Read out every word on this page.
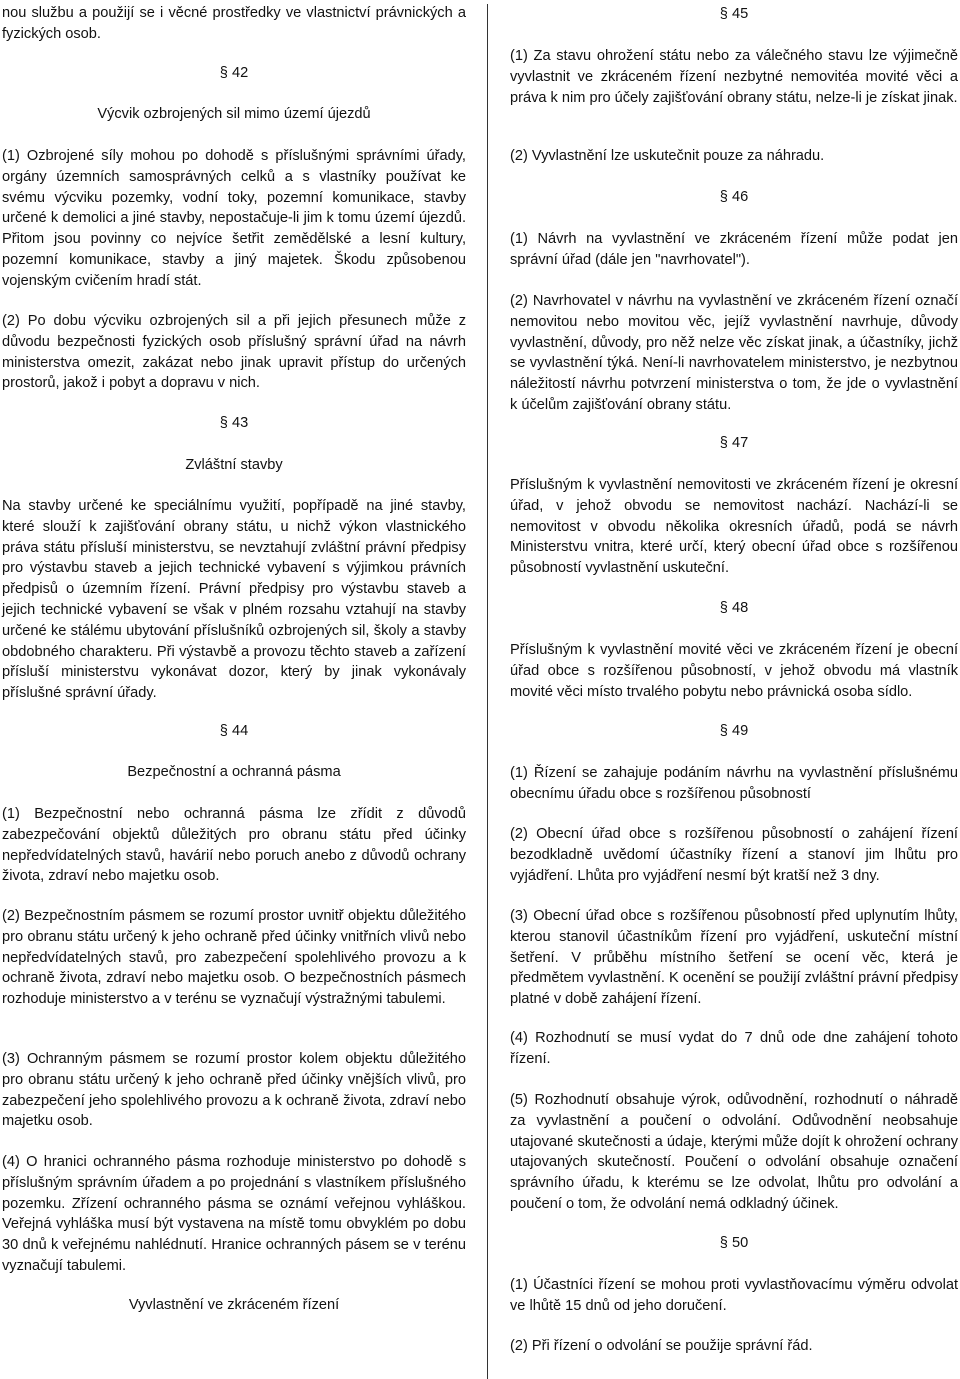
nou službu a použijí se i věcné prostředky ve vlastnictví právnických a fyzických osob.

§ 42

Výcvik ozbrojených sil mimo území újezdů

(1) Ozbrojené síly mohou po dohodě s příslušnými správními úřady, orgány územních samosprávných celků a s vlastníky používat ke svému výcviku pozemky, vodní toky, pozemní komunikace, stavby určené k demolici a jiné stavby, nepostačuje-li jim k tomu území újezdů. Přitom jsou povinny co nejvíce šetřit zemědělské a lesní kultury, pozemní komunikace, stavby a jiný majetek. Škodu způsobenou vojenským cvičením hradí stát.

(2) Po dobu výcviku ozbrojených sil a při jejich přesunech může z důvodu bezpečnosti fyzických osob příslušný správní úřad na návrh ministerstva omezit, zakázat nebo jinak upravit přístup do určených prostorů, jakož i pobyt a dopravu v nich.

§ 43

Zvláštní stavby

Na stavby určené ke speciálnímu využití, popřípadě na jiné stavby, které slouží k zajišťování obrany státu, u nichž výkon vlastnického práva státu přísluší ministerstvu, se nevztahují zvláštní právní předpisy pro výstavbu staveb a jejich technické vybavení s výjimkou právních předpisů o územním řízení. Právní předpisy pro výstavbu staveb a jejich technické vybavení se však v plném rozsahu vztahují na stavby určené ke stálému ubytování příslušníků ozbrojených sil, školy a stavby obdobného charakteru. Při výstavbě a provozu těchto staveb a zařízení přísluší ministerstvu vykonávat dozor, který by jinak vykonávaly příslušné správní úřady.

§ 44

Bezpečnostní a ochranná pásma

(1) Bezpečnostní nebo ochranná pásma lze zřídit z důvodů zabezpečování objektů důležitých pro obranu státu před účinky nepředvídatelných stavů, havárií nebo poruch anebo z důvodů ochrany života, zdraví nebo majetku osob.

(2) Bezpečnostním pásmem se rozumí prostor uvnitř objektu důležitého pro obranu státu určený k jeho ochraně před účinky vnitřních vlivů nebo nepředvídatelných stavů, pro zabezpečení spolehlivého provozu a k ochraně života, zdraví nebo majetku osob. O bezpečnostních pásmech rozhoduje ministerstvo a v terénu se vyznačují výstražnými tabulemi.

(3) Ochranným pásmem se rozumí prostor kolem objektu důležitého pro obranu státu určený k jeho ochraně před účinky vnějších vlivů, pro zabezpečení jeho spolehlivého provozu a k ochraně života, zdraví nebo majetku osob.

(4) O hranici ochranného pásma rozhoduje ministerstvo po dohodě s příslušným správním úřadem a po projednání s vlastníkem příslušného pozemku. Zřízení ochranného pásma se oznámí veřejnou vyhláškou. Veřejná vyhláška musí být vystavena na místě tomu obvyklém po dobu 30 dnů k veřejnému nahlédnutí. Hranice ochranných pásem se v terénu vyznačují tabulemi.

Vyvlastnění ve zkráceném řízení

§ 45

(1) Za stavu ohrožení státu nebo za válečného stavu lze výjimečně vyvlastnit ve zkráceném řízení nezbytné nemovitéa movité věci a práva k nim pro účely zajišťování obrany státu, nelze-li je získat jinak.

(2) Vyvlastnění lze uskutečnit pouze za náhradu.

§ 46

(1) Návrh na vyvlastnění ve zkráceném řízení může podat jen správní úřad (dále jen "navrhovatel").

(2) Navrhovatel v návrhu na vyvlastnění ve zkráceném řízení označí nemovitou nebo movitou věc, jejíž vyvlastnění navrhuje, důvody vyvlastnění, důvody, pro něž nelze věc získat jinak, a účastníky, jichž se vyvlastnění týká. Není-li navrhovatelem ministerstvo, je nezbytnou náležitostí návrhu potvrzení ministerstva o tom, že jde o vyvlastnění k účelům zajišťování obrany státu.

§ 47

Příslušným k vyvlastnění nemovitosti ve zkráceném řízení je okresní úřad, v jehož obvodu se nemovitost nachází. Nachází-li se nemovitost v obvodu několika okresních úřadů, podá se návrh Ministerstvu vnitra, které určí, který obecní úřad obce s rozšířenou působností vyvlastnění uskuteční.

§ 48

Příslušným k vyvlastnění movité věci ve zkráceném řízení je obecní úřad obce s rozšířenou působností, v jehož obvodu má vlastník movité věci místo trvalého pobytu nebo právnická osoba sídlo.

§ 49

(1) Řízení se zahajuje podáním návrhu na vyvlastnění příslušnému obecnímu úřadu obce s rozšířenou působností

(2) Obecní úřad obce s rozšířenou působností o zahájení řízení bezodkladně uvědomí účastníky řízení a stanoví jim lhůtu pro vyjádření. Lhůta pro vyjádření nesmí být kratší než 3 dny.

(3) Obecní úřad obce s rozšířenou působností před uplynutím lhůty, kterou stanovil účastníkům řízení pro vyjádření, uskuteční místní šetření. V průběhu místního šetření se ocení věc, která je předmětem vyvlastnění. K ocenění se použijí zvláštní právní předpisy platné v době zahájení řízení.

(4) Rozhodnutí se musí vydat do 7 dnů ode dne zahájení tohoto řízení.

(5) Rozhodnutí obsahuje výrok, odůvodnění, rozhodnutí o náhradě za vyvlastnění a poučení o odvolání. Odůvodnění neobsahuje utajované skutečnosti a údaje, kterými může dojít k ohrožení ochrany utajovaných skutečností. Poučení o odvolání obsahuje označení správního úřadu, k kterému se lze odvolat, lhůtu pro odvolání a poučení o tom, že odvolání nemá odkladný účinek.

§ 50

(1) Účastníci řízení se mohou proti vyvlastňovacímu výměru odvolat ve lhůtě 15 dnů od jeho doručení.

(2) Při řízení o odvolání se použije správní řád.
